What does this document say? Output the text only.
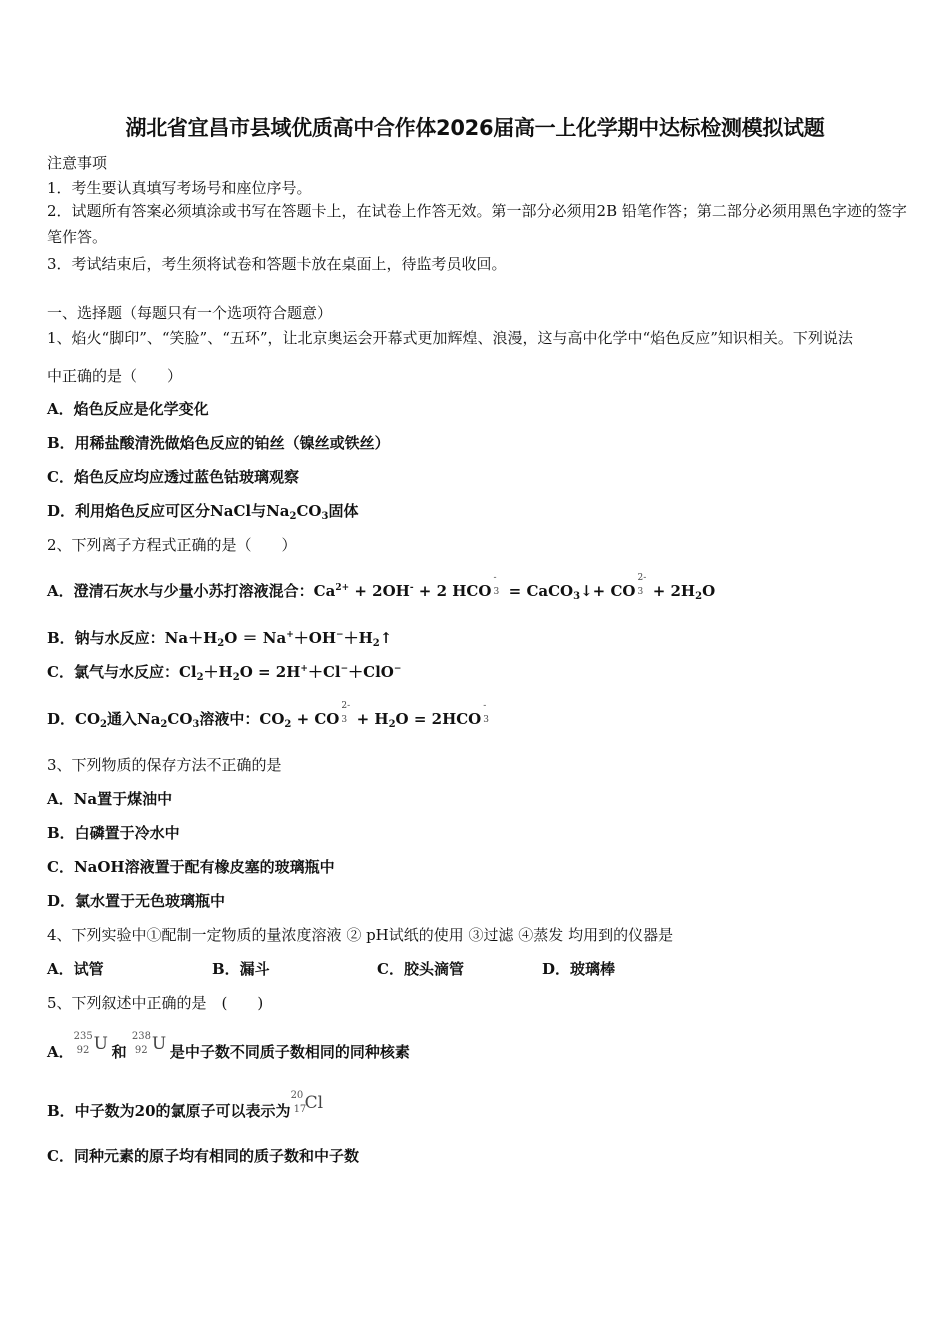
湖北省宜昌市县域优质高中合作体2026届高一上化学期中达标检测模拟试题
注意事项
1．考生要认真填写考场号和座位序号。
2．试题所有答案必须填涂或书写在答题卡上，在试卷上作答无效。第一部分必须用2B 铅笔作答；第二部分必须用黑色字迹的签字笔作答。
3．考试结束后，考生须将试卷和答题卡放在桌面上，待监考员收回。
一、选择题（每题只有一个选项符合题意）
1、焰火“脚印”、“笑脸”、“五环”，让北京奥运会开幕式更加辉煌、浪漫，这与高中化学中“焰色反应”知识相关。下列说法
中正确的是（　　）
A．焰色反应是化学变化
B．用稀盐酸清洗做焰色反应的铂丝（镍丝或铁丝）
C．焰色反应均应透过蓝色钴玻璃观察
D．利用焰色反应可区分NaCl与$Na_2CO_3$固体
2、下列离子方程式正确的是（　　）
A．澄清石灰水与少量小苏打溶液混合：$Ca^{2+} + 2OH^- + 2$ HCO
-
3 = CaCO$_3$↓+ CO
2-
$3 + 2H_2O$
B．钠与水反应：$Na+H_2O$ ＝ $Na^++OH^-+H_2↑$
C．氯气与水反应：$Cl_2+H_2O = 2H^++Cl^-+ClO^-$
D．$CO_2$通入$Na_2CO_3$溶液中：$CO_2$ + CO
2-
$3 + H_2O = 2HCO$
-
3
3、下列物质的保存方法不正确的是
A．Na置于煤油中
B．白磷置于冷水中
C．NaOH溶液置于配有橡皮塞的玻璃瓶中
D．氯水置于无色玻璃瓶中
4、下列实验中①配制一定物质的量浓度溶液 ② pH试纸的使用 ③过滤 ④蒸发 均用到的仪器是
A．试管	B．漏斗	C．胶头滴管	D．玻璃棒
5、下列叙述中正确的是　(　　)
A．
235
92 U 和
238
92 U 是中子数不同质子数相同的同种核素
B．中子数为20的氯原子可以表示为
20
17
Cl
C．同种元素的原子均有相同的质子数和中子数
